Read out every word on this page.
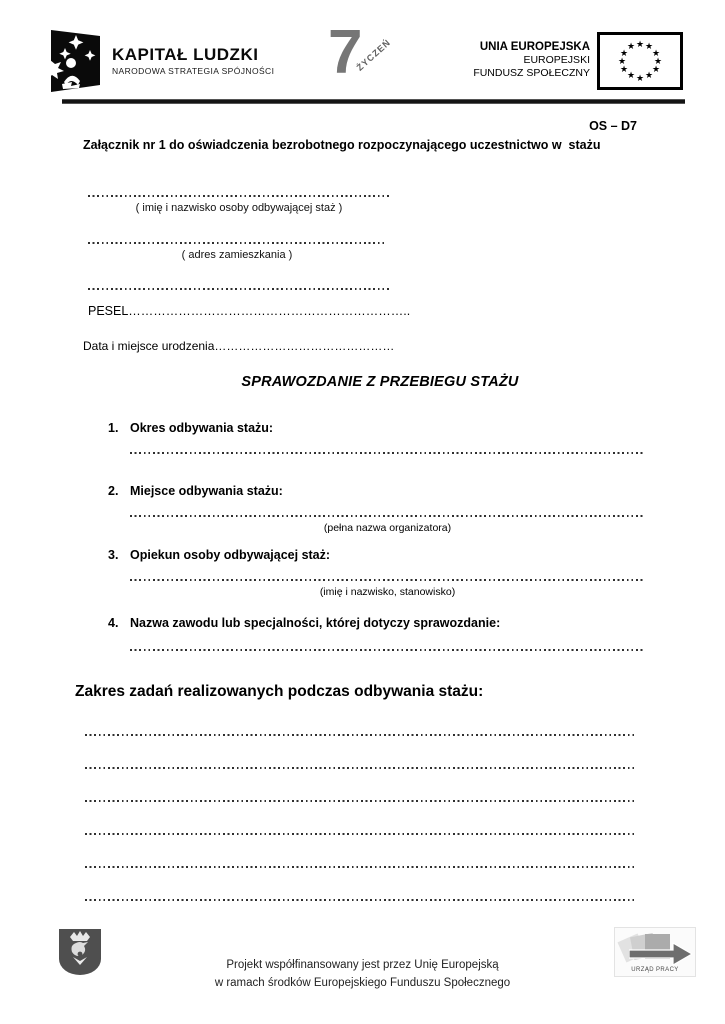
KAPITAŁ LUDZKI
NARODOWA STRATEGIA SPÓJNOŚCI 7
ŻYCZEŃ	UNIA EUROPEJSKA
EUROPEJSKI
FUNDUSZ SPOŁECZNY
★ ★
★
★
★
★
★
★
★
★
★
★
OS – D7
Załącznik nr 1 do oświadczenia bezrobotnego rozpoczynającego uczestnictwo w  stażu
( imię i nazwisko osoby odbywającej staż )
( adres zamieszkania )
PESEL…………………………………………………………..
Data i miejsce urodzenia………………………………………
SPRAWOZDANIE Z PRZEBIEGU STAŻU
1. Okres odbywania stażu:
2. Miejsce odbywania stażu:
(pełna nazwa organizatora)
3. Opiekun osoby odbywającej staż:
(imię i nazwisko, stanowisko)
4. Nazwa zawodu lub specjalności, której dotyczy sprawozdanie:
Zakres zadań realizowanych podczas odbywania stażu:
Projekt współfinansowany jest przez Unię Europejską
w ramach środków Europejskiego Funduszu Społecznego
URZĄD PRACY
